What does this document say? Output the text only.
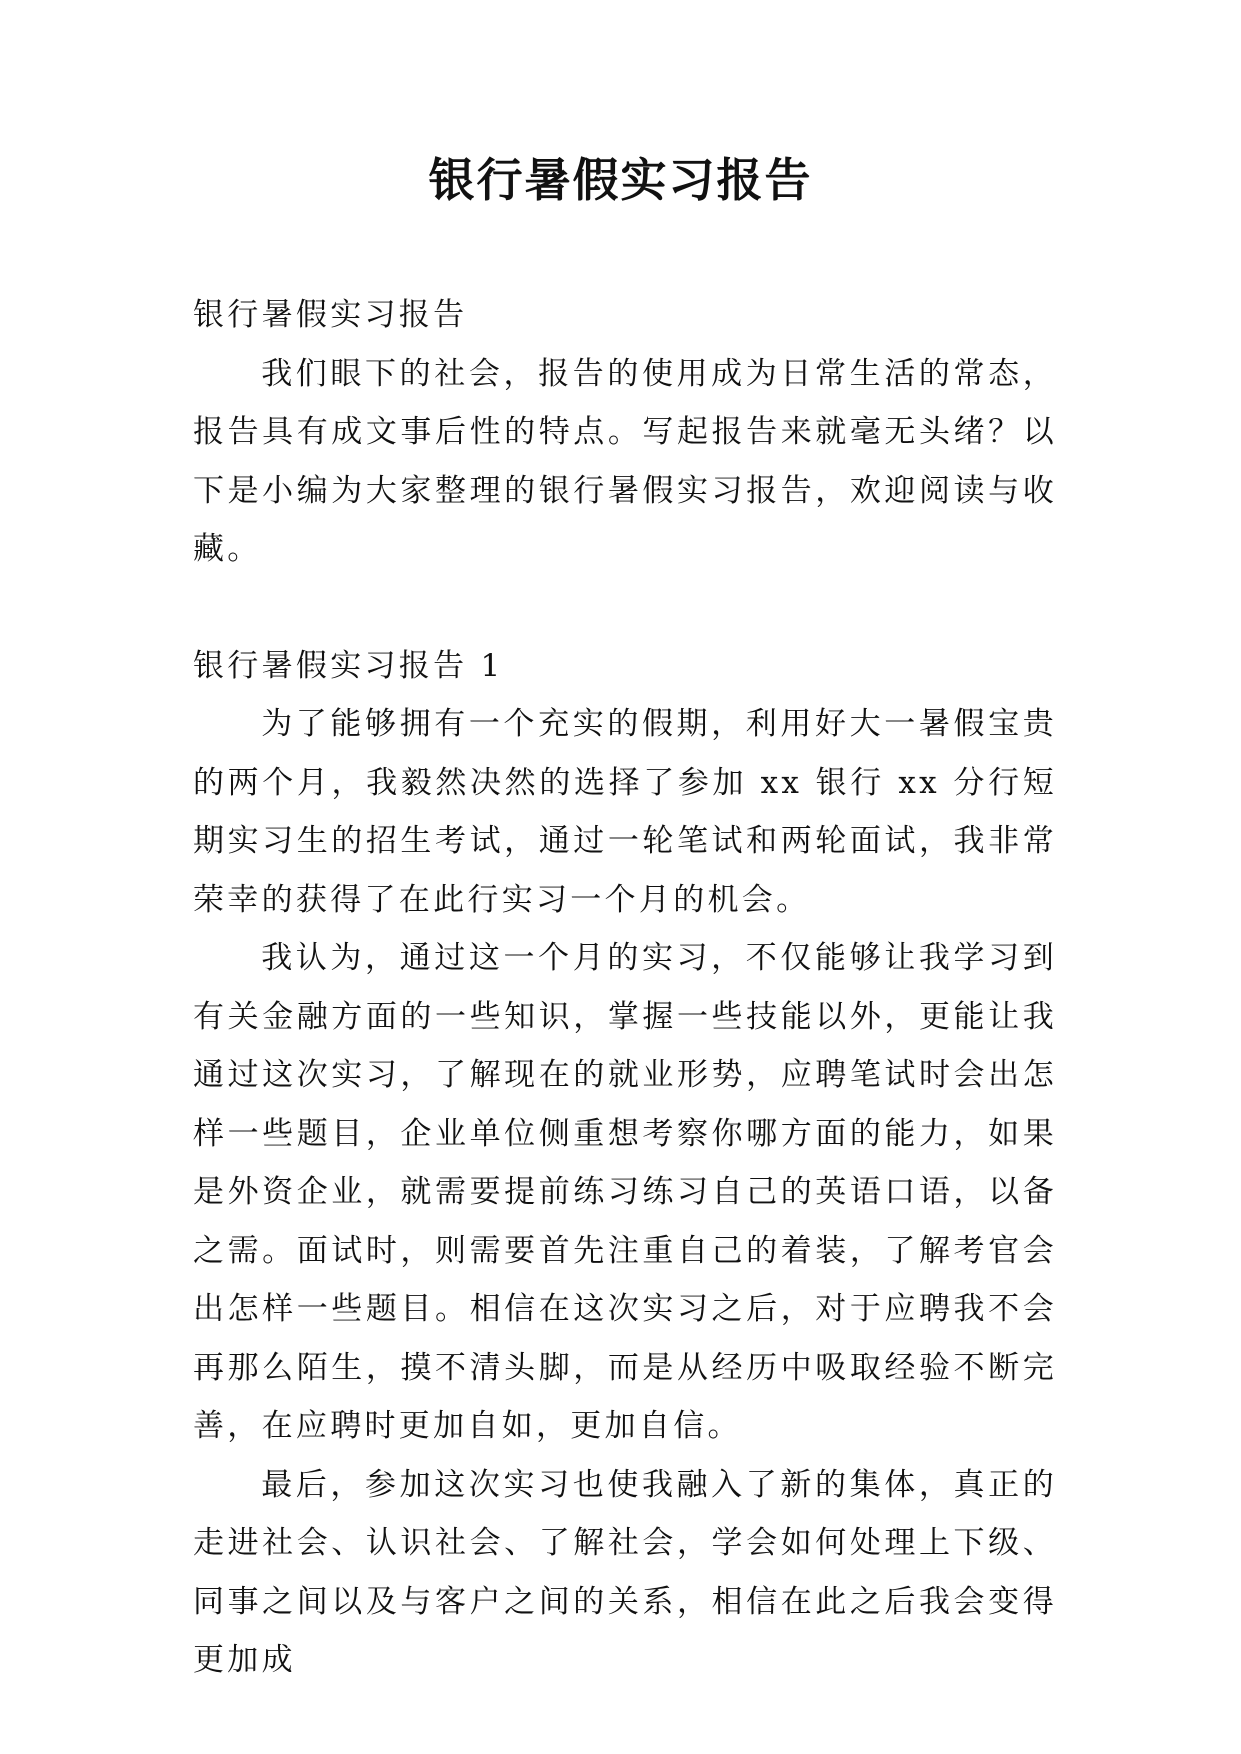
银行暑假实习报告

银行暑假实习报告

我们眼下的社会，报告的使用成为日常生活的常态，报告具有成文事后性的特点。写起报告来就毫无头绪？以下是小编为大家整理的银行暑假实习报告，欢迎阅读与收藏。

银行暑假实习报告 1

为了能够拥有一个充实的假期，利用好大一暑假宝贵的两个月，我毅然决然的选择了参加 xx 银行 xx 分行短期实习生的招生考试，通过一轮笔试和两轮面试，我非常荣幸的获得了在此行实习一个月的机会。

我认为，通过这一个月的实习，不仅能够让我学习到有关金融方面的一些知识，掌握一些技能以外，更能让我通过这次实习，了解现在的就业形势，应聘笔试时会出怎样一些题目，企业单位侧重想考察你哪方面的能力，如果是外资企业，就需要提前练习练习自己的英语口语，以备之需。面试时，则需要首先注重自己的着装，了解考官会出怎样一些题目。相信在这次实习之后，对于应聘我不会再那么陌生，摸不清头脚，而是从经历中吸取经验不断完善，在应聘时更加自如，更加自信。

最后，参加这次实习也使我融入了新的集体，真正的走进社会、认识社会、了解社会，学会如何处理上下级、同事之间以及与客户之间的关系，相信在此之后我会变得更加成
